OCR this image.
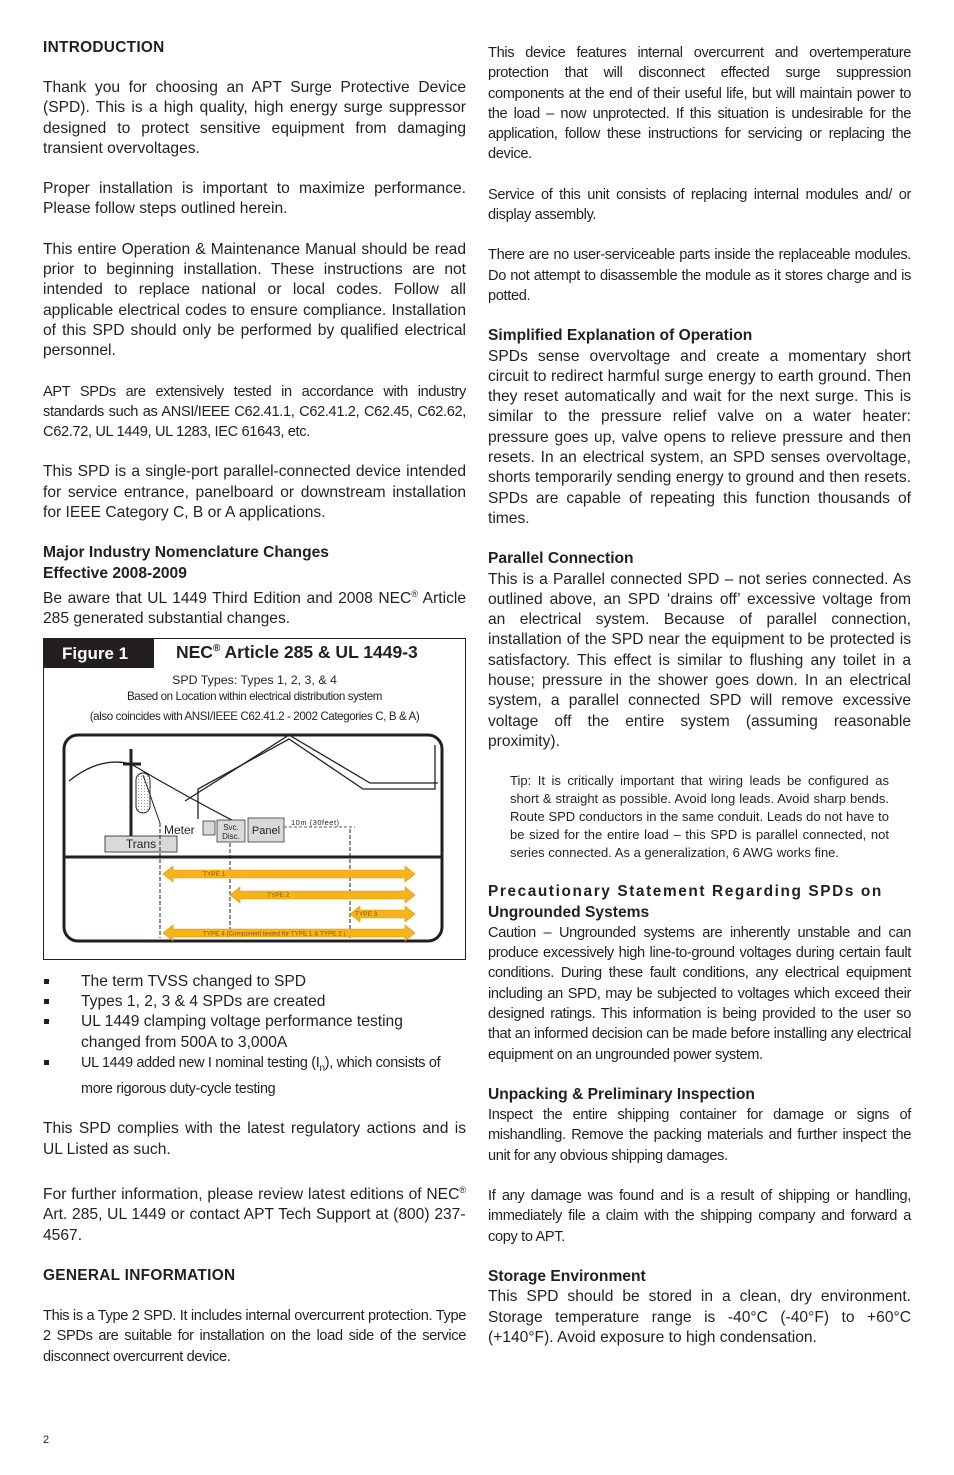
INTRODUCTION

Thank you for choosing an APT Surge Protective Device (SPD). This is a high quality, high energy surge suppressor designed to protect sensitive equipment from damaging transient overvoltages.

Proper installation is important to maximize performance. Please follow steps outlined herein.

This entire Operation & Maintenance Manual should be read prior to beginning installation. These instructions are not intended to replace national or local codes. Follow all applicable electrical codes to ensure compliance. Installation of this SPD should only be performed by qualified electrical personnel.

APT SPDs are extensively tested in accordance with industry standards such as ANSI/IEEE C62.41.1, C62.41.2, C62.45, C62.62, C62.72, UL 1449, UL 1283, IEC 61643, etc.

This SPD is a single-port parallel-connected device intended for service entrance, panelboard or downstream installation for IEEE Category C, B or A applications.

Major Industry Nomenclature Changes
Effective 2008-2009

Be aware that UL 1449 Third Edition and 2008 NEC® Article 285 generated substantial changes.

Figure 1	NEC® Article 285 & UL 1449-3
SPD Types: Types 1, 2, 3, & 4
Based on Location within electrical distribution system
(also coincides with ANSI/IEEE C62.41.2 - 2002 Categories C, B & A)
Trans
Meter	Svc.
Disc. Panel
10m (30feet)
TYPE 1
TYPE 2
TYPE 3
TYPE 4 (Component tested for TYPE 1 & TYPE 2 )
The term TVSS changed to SPD
Types 1, 2, 3 & 4 SPDs are created
UL 1449 clamping voltage performance testing changed from 500A to 3,000A
UL 1449 added new I nominal testing $(I_n)$, which consists of more rigorous duty-cycle testing

This SPD complies with the latest regulatory actions and is UL Listed as such.

For further information, please review latest editions of NEC® Art. 285, UL 1449 or contact APT Tech Support at (800) 237-4567.

GENERAL INFORMATION

This is a Type 2 SPD. It includes internal overcurrent protection. Type 2 SPDs are suitable for installation on the load side of the service disconnect overcurrent device.

This device features internal overcurrent and overtemperature protection that will disconnect effected surge suppression components at the end of their useful life, but will maintain power to the load – now unprotected. If this situation is undesirable for the application, follow these instructions for servicing or replacing the device.

Service of this unit consists of replacing internal modules and/ or display assembly.

There are no user-serviceable parts inside the replaceable modules. Do not attempt to disassemble the module as it stores charge and is potted.

Simplified Explanation of Operation

SPDs sense overvoltage and create a momentary short circuit to redirect harmful surge energy to earth ground. Then they reset automatically and wait for the next surge. This is similar to the pressure relief valve on a water heater: pressure goes up, valve opens to relieve pressure and then resets. In an electrical system, an SPD senses overvoltage, shorts temporarily sending energy to ground and then resets. SPDs are capable of repeating this function thousands of times.

Parallel Connection

This is a Parallel connected SPD – not series connected. As outlined above, an SPD ‘drains off’ excessive voltage from an electrical system. Because of parallel connection, installation of the SPD near the equipment to be protected is satisfactory. This effect is similar to flushing any toilet in a house; pressure in the shower goes down. In an electrical system, a parallel connected SPD will remove excessive voltage off the entire system (assuming reasonable proximity).

Tip: It is critically important that wiring leads be configured as short & straight as possible. Avoid long leads. Avoid sharp bends. Route SPD conductors in the same conduit. Leads do not have to be sized for the entire load – this SPD is parallel connected, not series connected. As a generalization, 6 AWG works fine.
Precautionary Statement Regarding SPDs on
Ungrounded Systems

Caution – Ungrounded systems are inherently unstable and can produce excessively high line-to-ground voltages during certain fault conditions. During these fault conditions, any electrical equipment including an SPD, may be subjected to voltages which exceed their designed ratings. This information is being provided to the user so that an informed decision can be made before installing any electrical equipment on an ungrounded power system.

Unpacking & Preliminary Inspection

Inspect the entire shipping container for damage or signs of mishandling. Remove the packing materials and further inspect the unit for any obvious shipping damages.

If any damage was found and is a result of shipping or handling, immediately file a claim with the shipping company and forward a copy to APT.

Storage Environment

This SPD should be stored in a clean, dry environment. Storage temperature range is -40°C (-40°F) to +60°C (+140°F). Avoid exposure to high condensation.

2
